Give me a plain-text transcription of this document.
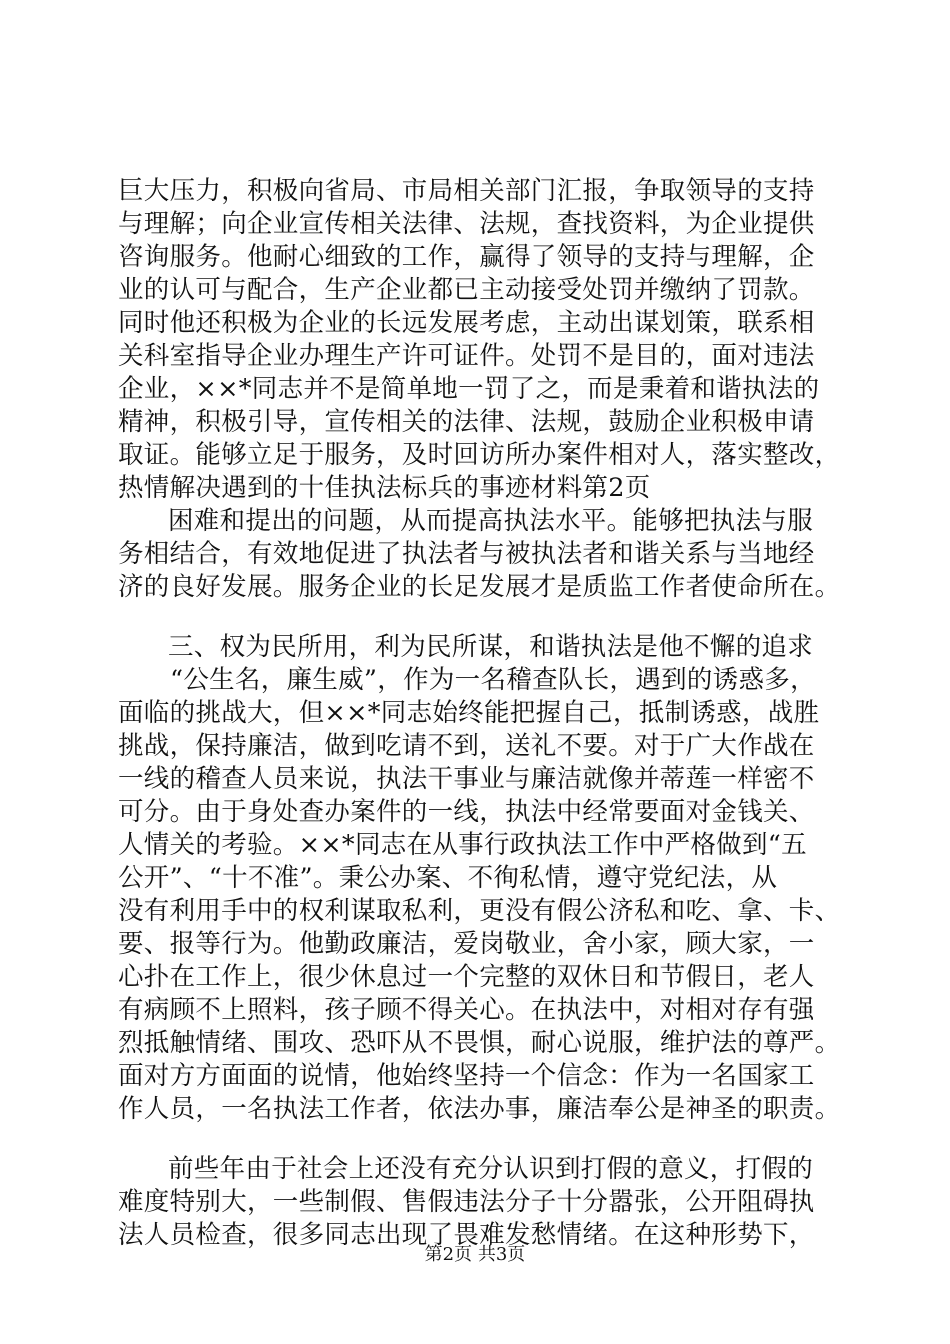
巨大压力，积极向省局、市局相关部门汇报，争取领导的支持
与理解；向企业宣传相关法律、法规，查找资料，为企业提供
咨询服务。他耐心细致的工作，赢得了领导的支持与理解，企
业的认可与配合，生产企业都已主动接受处罚并缴纳了罚款。
同时他还积极为企业的长远发展考虑，主动出谋划策，联系相
关科室指导企业办理生产许可证件。处罚不是目的，面对违法
企业，××*同志并不是简单地一罚了之，而是秉着和谐执法的
精神，积极引导，宣传相关的法律、法规，鼓励企业积极申请
取证。能够立足于服务，及时回访所办案件相对人，落实整改，
热情解决遇到的十佳执法标兵的事迹材料第2页
困难和提出的问题，从而提高执法水平。能够把执法与服
务相结合，有效地促进了执法者与被执法者和谐关系与当地经
济的良好发展。服务企业的长足发展才是质监工作者使命所在。
三、权为民所用，利为民所谋，和谐执法是他不懈的追求
“公生名，廉生威”，作为一名稽查队长，遇到的诱惑多，
面临的挑战大，但××*同志始终能把握自己，抵制诱惑，战胜
挑战，保持廉洁，做到吃请不到，送礼不要。对于广大作战在
一线的稽查人员来说，执法干事业与廉洁就像并蒂莲一样密不
可分。由于身处查办案件的一线，执法中经常要面对金钱关、
人情关的考验。××*同志在从事行政执法工作中严格做到“五
公开”、“十不准”。秉公办案、不徇私情，遵守党纪法，从
没有利用手中的权利谋取私利，更没有假公济私和吃、拿、卡、
要、报等行为。他勤政廉洁，爱岗敬业，舍小家，顾大家，一
心扑在工作上，很少休息过一个完整的双休日和节假日，老人
有病顾不上照料，孩子顾不得关心。在执法中，对相对存有强
烈抵触情绪、围攻、恐吓从不畏惧，耐心说服，维护法的尊严。
面对方方面面的说情，他始终坚持一个信念：作为一名国家工
作人员，一名执法工作者，依法办事，廉洁奉公是神圣的职责。
前些年由于社会上还没有充分认识到打假的意义，打假的
难度特别大，一些制假、售假违法分子十分嚣张，公开阻碍执
法人员检查，很多同志出现了畏难发愁情绪。在这种形势下，
第2页 共3页
